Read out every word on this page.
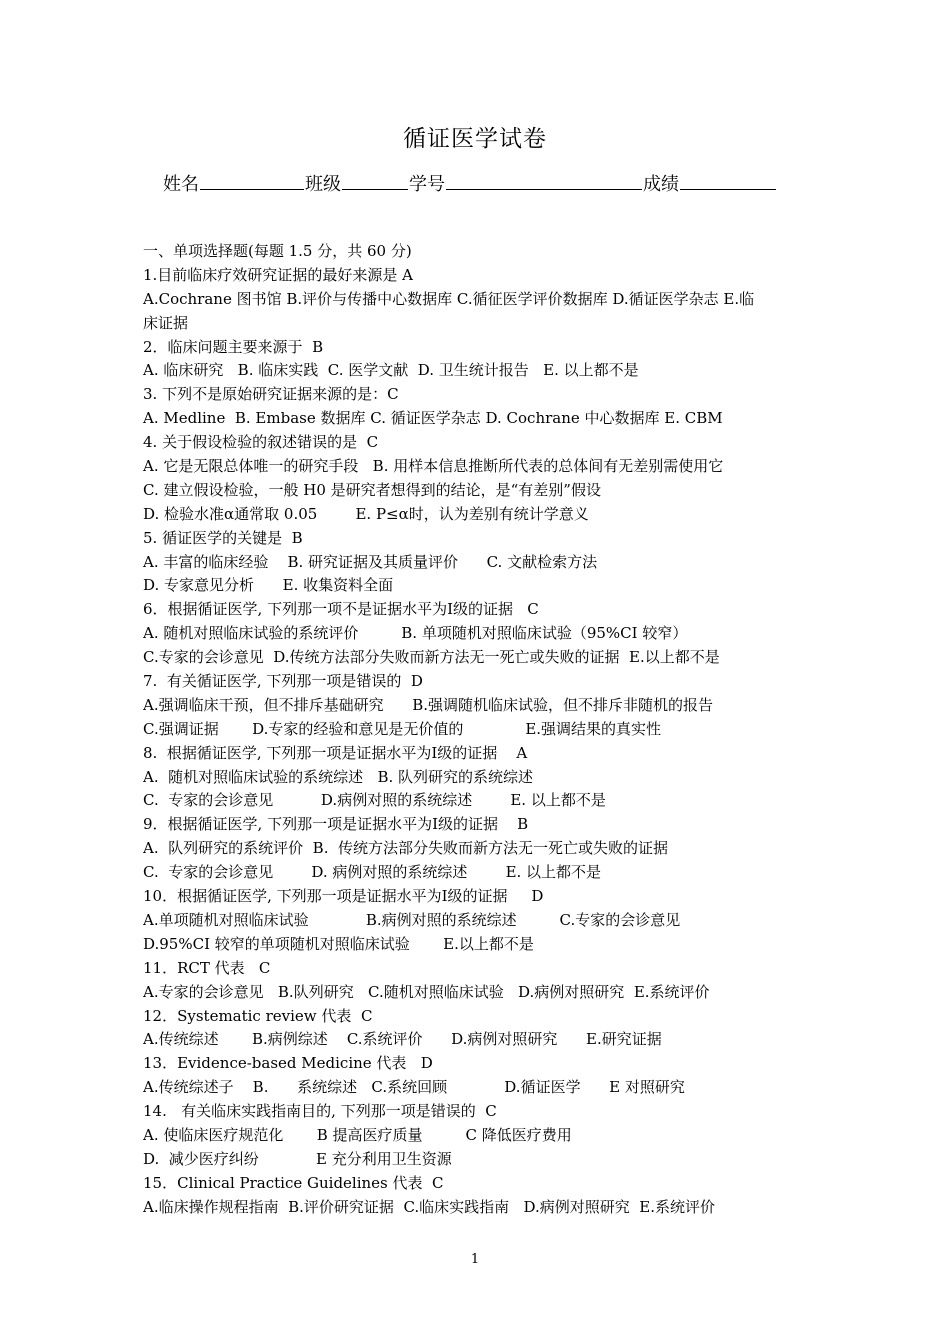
循证医学试卷
姓名	班级	学号	成绩
一、单项选择题(每题 1.5 分，共 60 分)
1.目前临床疗效研究证据的最好来源是 A
A.Cochrane 图书馆 B.评价与传播中心数据库 C.循征医学评价数据库 D.循证医学杂志 E.临
床证据
2．临床问题主要来源于  B
A. 临床研究   B. 临床实践  C. 医学文献  D. 卫生统计报告   E. 以上都不是
3. 下列不是原始研究证据来源的是：C
A. Medline  B. Embase 数据库 C. 循证医学杂志 D. Cochrane 中心数据库 E. CBM
4. 关于假设检验的叙述错误的是  C
A. 它是无限总体唯一的研究手段   B. 用样本信息推断所代表的总体间有无差别需使用它
C. 建立假设检验，一般 H0 是研究者想得到的结论，是“有差别”假设
D. 检验水准α通常取 0.05        E. P≤α时，认为差别有统计学意义
5. 循证医学的关键是  B
A. 丰富的临床经验    B. 研究证据及其质量评价      C. 文献检索方法
D. 专家意见分析      E. 收集资料全面
6．根据循证医学, 下列那一项不是证据水平为Ⅰ级的证据   C
A. 随机对照临床试验的系统评价         B. 单项随机对照临床试验（95%CI 较窄）
C.专家的会诊意见  D.传统方法部分失败而新方法无一死亡或失败的证据  E.以上都不是
7.  有关循证医学, 下列那一项是错误的  D
A.强调临床干预，但不排斥基础研究      B.强调随机临床试验，但不排斥非随机的报告
C.强调证据       D.专家的经验和意见是无价值的             E.强调结果的真实性
8.  根据循证医学, 下列那一项是证据水平为Ⅰ级的证据    A
A.  随机对照临床试验的系统综述   B. 队列研究的系统综述
C.  专家的会诊意见          D.病例对照的系统综述        E. 以上都不是
9．根据循证医学, 下列那一项是证据水平为Ⅰ级的证据    B
A.  队列研究的系统评价  B.  传统方法部分失败而新方法无一死亡或失败的证据
C.  专家的会诊意见        D. 病例对照的系统综述        E. 以上都不是
10．根据循证医学, 下列那一项是证据水平为Ⅰ级的证据     D
A.单项随机对照临床试验            B.病例对照的系统综述         C.专家的会诊意见
D.95%CI 较窄的单项随机对照临床试验       E.以上都不是
11．RCT 代表   C
A.专家的会诊意见   B.队列研究   C.随机对照临床试验   D.病例对照研究  E.系统评价
12．Systematic review 代表  C
A.传统综述       B.病例综述    C.系统评价      D.病例对照研究      E.研究证据
13．Evidence-based Medicine 代表   D
A.传统综述子    B.      系统综述   C.系统回顾            D.循证医学      E 对照研究
14.   有关临床实践指南目的, 下列那一项是错误的  C
A. 使临床医疗规范化       B 提高医疗质量         C 降低医疗费用
D.  减少医疗纠纷            E 充分利用卫生资源
15．Clinical Practice Guidelines 代表  C
A.临床操作规程指南  B.评价研究证据  C.临床实践指南   D.病例对照研究  E.系统评价
1
